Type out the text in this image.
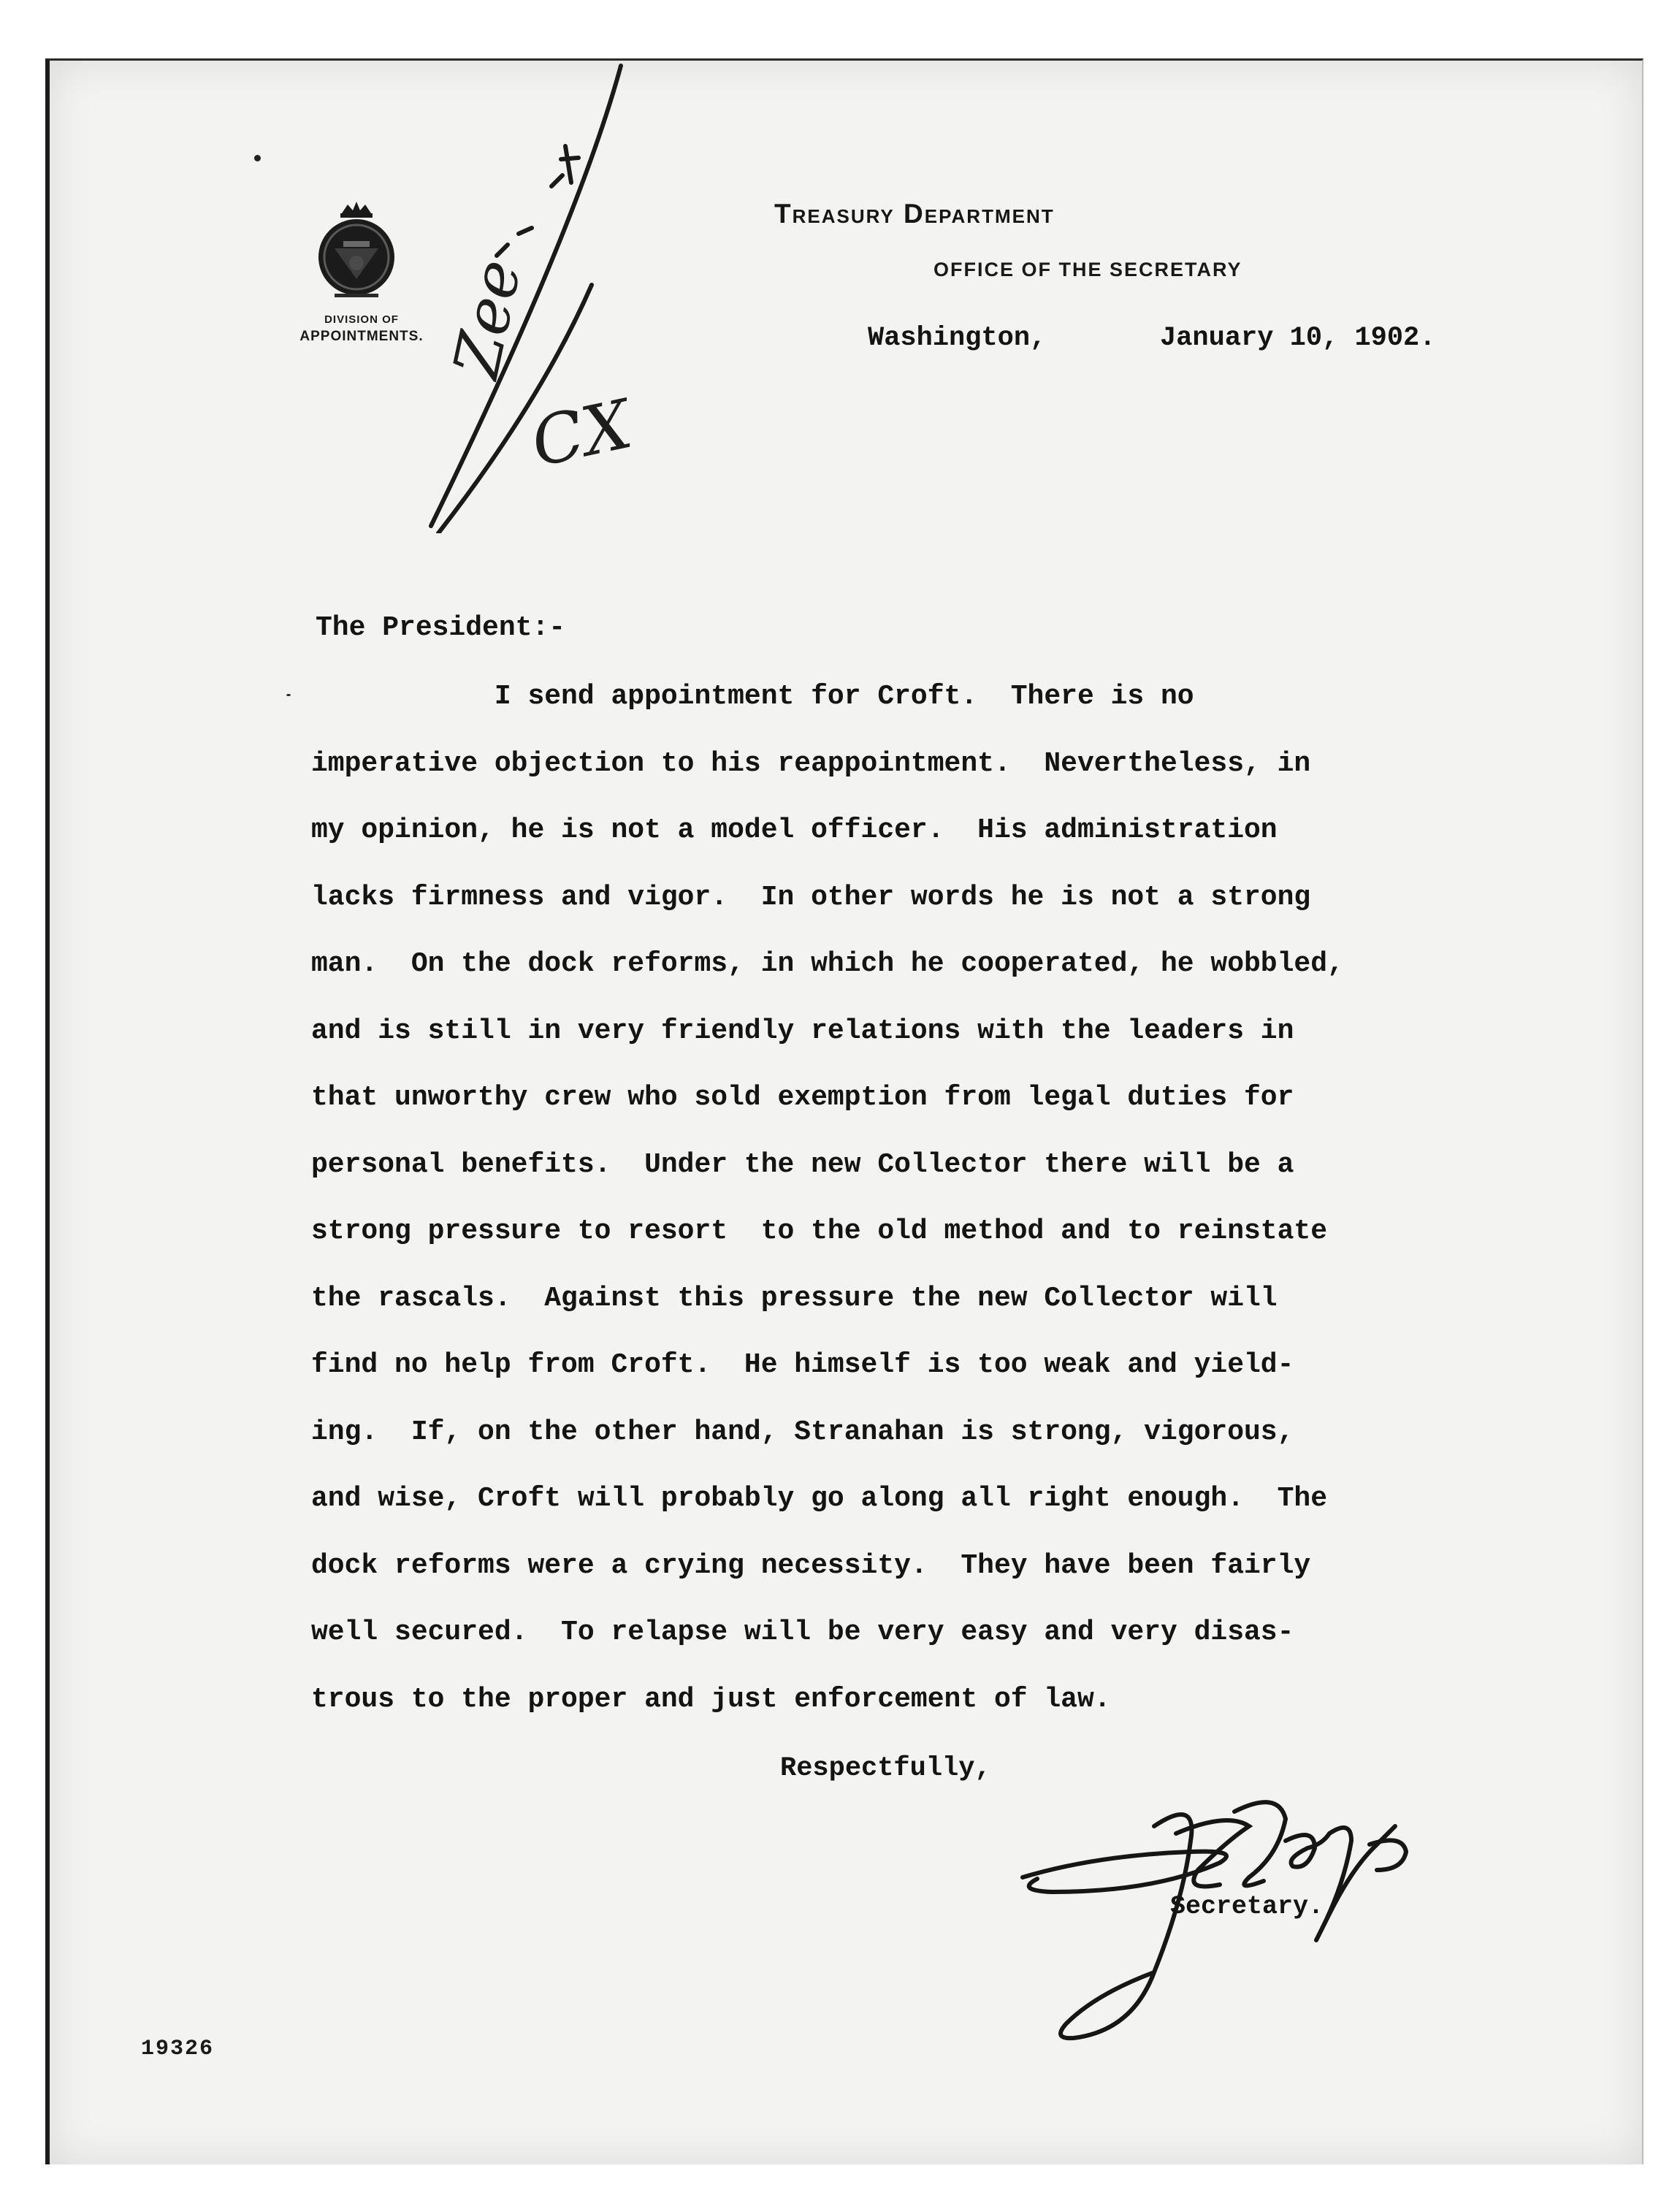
DIVISION OF
APPOINTMENTS. Zee
CX
Treasury Department
OFFICE OF THE SECRETARY
Washington,	January 10, 1902.
The President:-
I send appointment for Croft.  There is no
imperative objection to his reappointment.  Nevertheless, in
my opinion, he is not a model officer.  His administration
lacks firmness and vigor.  In other words he is not a strong
man.  On the dock reforms, in which he cooperated, he wobbled,
and is still in very friendly relations with the leaders in
that unworthy crew who sold exemption from legal duties for
personal benefits.  Under the new Collector there will be a
strong pressure to resort  to the old method and to reinstate
the rascals.  Against this pressure the new Collector will
find no help from Croft.  He himself is too weak and yield-
ing.  If, on the other hand, Stranahan is strong, vigorous,
and wise, Croft will probably go along all right enough.  The
dock reforms were a crying necessity.  They have been fairly
well secured.  To relapse will be very easy and very disas-
trous to the proper and just enforcement of law.
Respectfully,
Secretary.
19326
